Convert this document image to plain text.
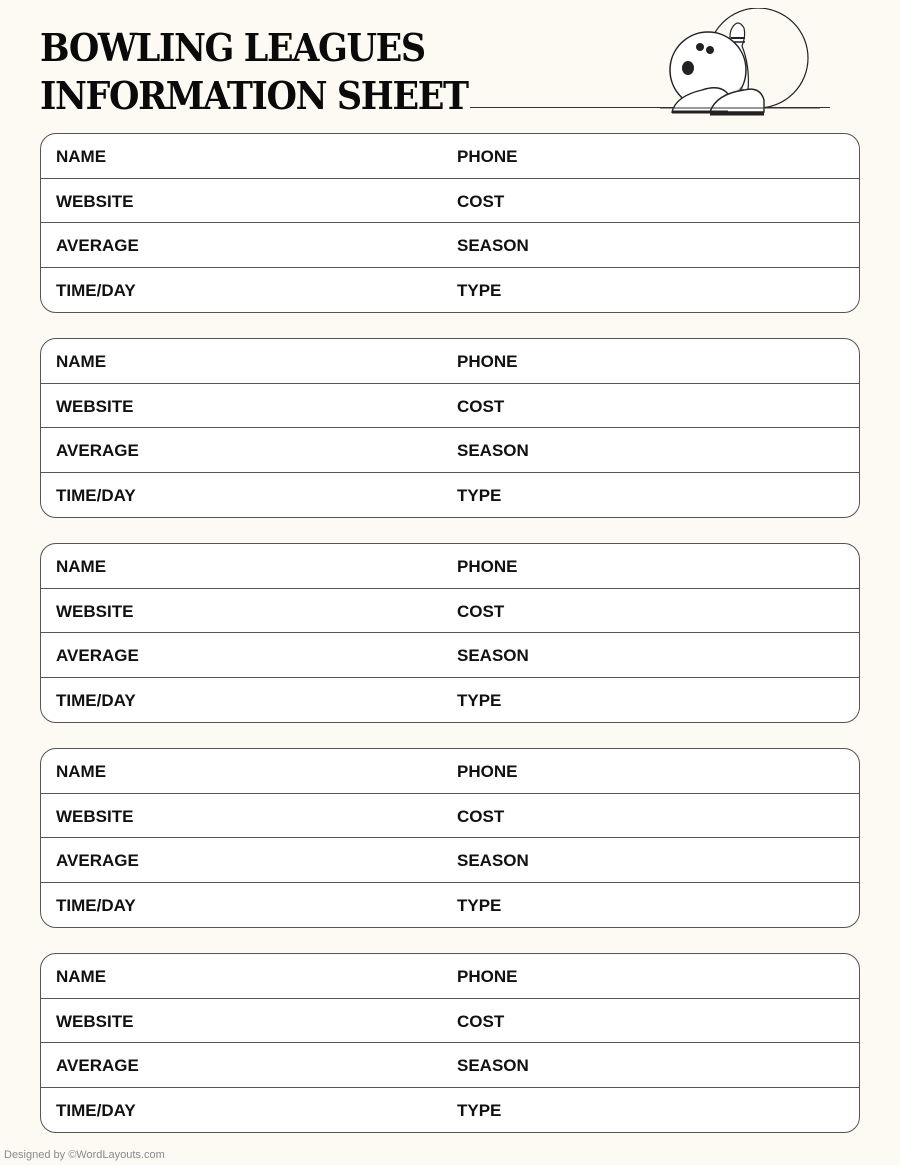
BOWLING LEAGUES
INFORMATION SHEET
NAME	PHONE
WEBSITE	COST
AVERAGE	SEASON
TIME/DAY	TYPE
NAME	PHONE
WEBSITE	COST
AVERAGE	SEASON
TIME/DAY	TYPE
NAME	PHONE
WEBSITE	COST
AVERAGE	SEASON
TIME/DAY	TYPE
NAME	PHONE
WEBSITE	COST
AVERAGE	SEASON
TIME/DAY	TYPE
NAME	PHONE
WEBSITE	COST
AVERAGE	SEASON
TIME/DAY	TYPE
Designed by ©WordLayouts.com
